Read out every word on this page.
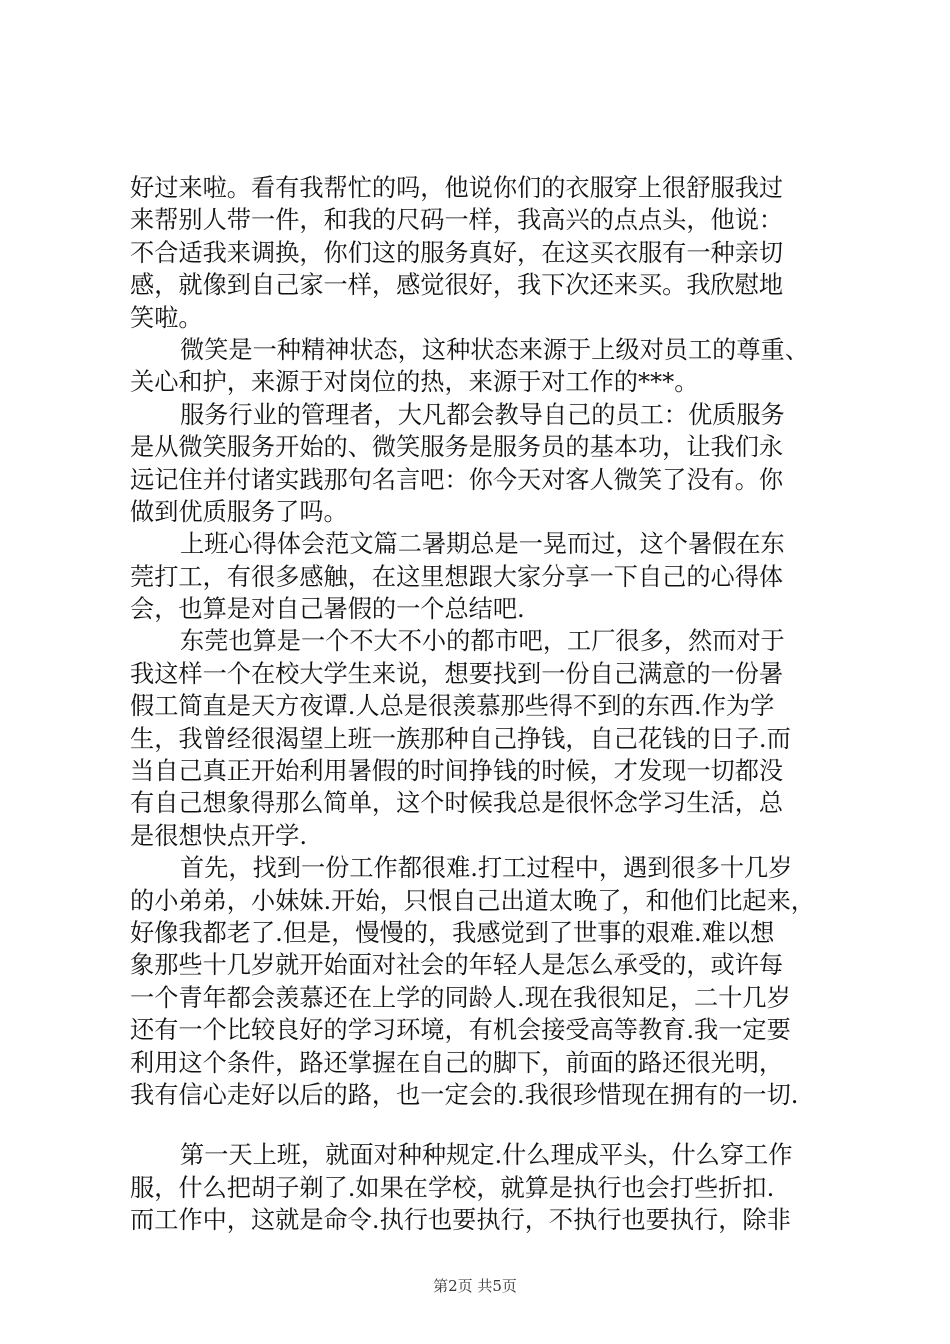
好过来啦。看有我帮忙的吗，他说你们的衣服穿上很舒服我过
来帮别人带一件，和我的尺码一样，我高兴的点点头，他说：
不合适我来调换，你们这的服务真好，在这买衣服有一种亲切
感，就像到自己家一样，感觉很好，我下次还来买。我欣慰地
笑啦。
微笑是一种精神状态，这种状态来源于上级对员工的尊重、
关心和护，来源于对岗位的热，来源于对工作的***。
服务行业的管理者，大凡都会教导自己的员工：优质服务
是从微笑服务开始的、微笑服务是服务员的基本功，让我们永
远记住并付诸实践那句名言吧：你今天对客人微笑了没有。你
做到优质服务了吗。
上班心得体会范文篇二暑期总是一晃而过，这个暑假在东
莞打工，有很多感触，在这里想跟大家分享一下自己的心得体
会，也算是对自己暑假的一个总结吧.
东莞也算是一个不大不小的都市吧，工厂很多，然而对于
我这样一个在校大学生来说，想要找到一份自己满意的一份暑
假工简直是天方夜谭.人总是很羡慕那些得不到的东西.作为学
生，我曾经很渴望上班一族那种自己挣钱，自己花钱的日子.而
当自己真正开始利用暑假的时间挣钱的时候，才发现一切都没
有自己想象得那么简单，这个时候我总是很怀念学习生活，总
是很想快点开学.
首先，找到一份工作都很难.打工过程中，遇到很多十几岁
的小弟弟，小妹妹.开始，只恨自己出道太晚了，和他们比起来，
好像我都老了.但是，慢慢的，我感觉到了世事的艰难.难以想
象那些十几岁就开始面对社会的年轻人是怎么承受的，或许每
一个青年都会羡慕还在上学的同龄人.现在我很知足，二十几岁
还有一个比较良好的学习环境，有机会接受高等教育.我一定要
利用这个条件，路还掌握在自己的脚下，前面的路还很光明，
我有信心走好以后的路，也一定会的.我很珍惜现在拥有的一切.
第一天上班，就面对种种规定.什么理成平头，什么穿工作
服，什么把胡子剃了.如果在学校，就算是执行也会打些折扣.
而工作中，这就是命令.执行也要执行，不执行也要执行，除非
第2页 共5页
